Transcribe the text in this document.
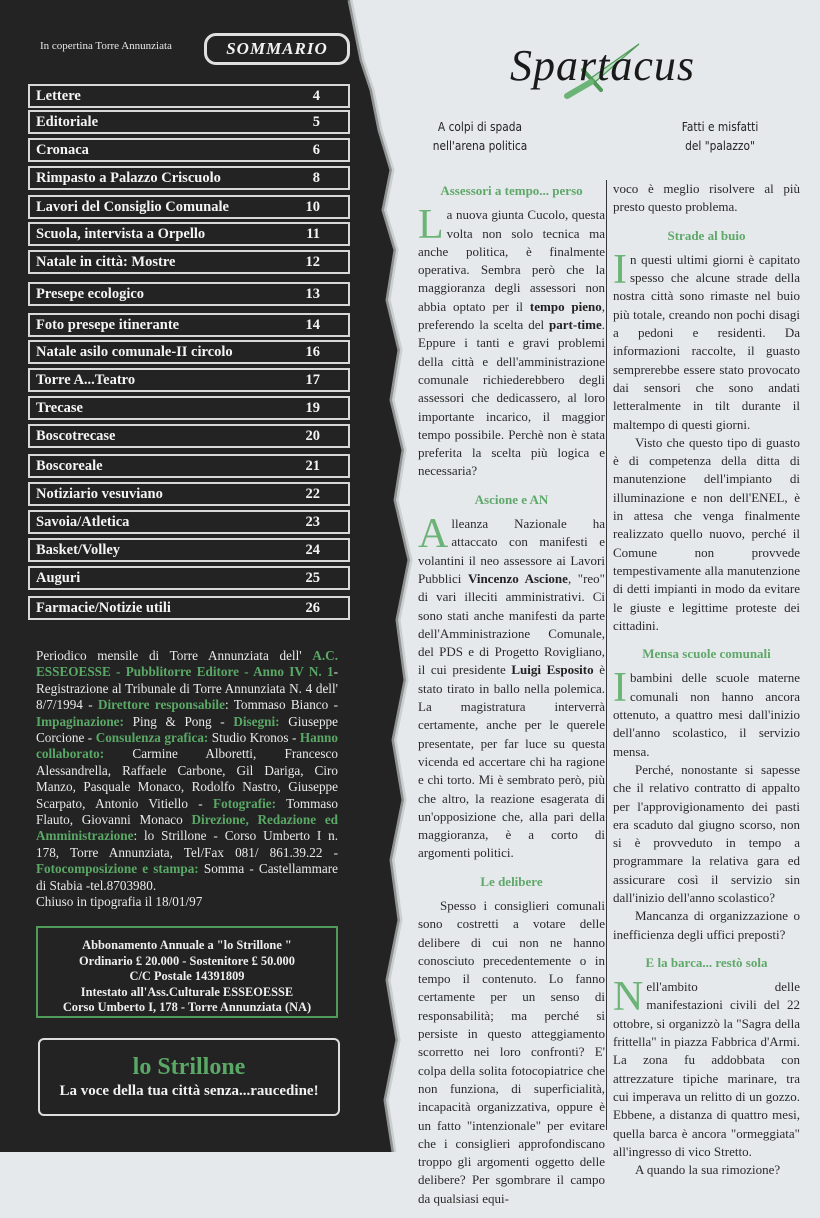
In copertina Torre Annunziata	SOMMARIO
Lettere	4
Editoriale	5
Cronaca	6
Rimpasto a Palazzo Criscuolo	8
Lavori del Consiglio Comunale	10
Scuola, intervista a Orpello	11
Natale in città: Mostre	12
Presepe ecologico	13
Foto presepe itinerante	14
Natale asilo comunale-II circolo	16
Torre A...Teatro	17
Trecase	19
Boscotrecase	20
Boscoreale	21
Notiziario vesuviano	22
Savoia/Atletica	23
Basket/Volley	24
Auguri	25
Farmacie/Notizie utili	26
Periodico mensile di Torre Annunziata dell' A.C. ESSEOESSE - Pubblitorre Editore - Anno IV N. 1- Registrazione al Tribunale di Torre Annunziata N. 4 dell' 8/7/1994 - Direttore responsabile: Tommaso Bianco - Impaginazione: Ping & Pong - Disegni: Giuseppe Corcione - Consulenza grafica: Studio Kronos - Hanno collaborato: Carmine Alboretti, Francesco Alessandrella, Raffaele Carbone, Gil Dariga, Ciro Manzo, Pasquale Monaco, Rodolfo Nastro, Giuseppe Scarpato, Antonio Vitiello - Fotografie: Tommaso Flauto, Giovanni Monaco Direzione, Redazione ed Amministrazione: lo Strillone - Corso Umberto I n. 178, Torre Annunziata, Tel/Fax 081/ 861.39.22 - Fotocomposizione e stampa: Somma - Castellammare di Stabia -tel.8703980.
Chiuso in tipografia il 18/01/97
Abbonamento Annuale a "lo Strillone "
Ordinario £ 20.000 - Sostenitore £ 50.000
C/C Postale 14391809
Intestato all'Ass.Culturale ESSEOESSE
Corso Umberto I, 178 - Torre Annunziata (NA)
lo Strillone
La voce della tua città senza...raucedine!
Spartacus
A colpi di spada
nell'arena politica
Fatti e misfatti
del "palazzo"
Assessori a tempo... perso

La nuova giunta Cucolo, questa volta non solo tecnica ma anche politica, è finalmente operativa. Sembra però che la maggioranza degli assessori non abbia optato per il tempo pieno, preferendo la scelta del part-time. Eppure i tanti e gravi problemi della città e dell'amministrazione comunale richiederebbero degli assessori che dedicassero, al loro importante incarico, il maggior tempo possibile. Perchè non è stata preferita la scelta più logica e necessaria?

Ascione e AN

Alleanza Nazionale ha attaccato con manifesti e volantini il neo assessore ai Lavori Pubblici Vincenzo Ascione, "reo" di vari illeciti amministrativi. Ci sono stati anche manifesti da parte dell'Amministrazione Comunale, del PDS e di Progetto Rovigliano, il cui presidente Luigi Esposito è stato tirato in ballo nella polemica. La magistratura interverrà certamente, anche per le querele presentate, per far luce su questa vicenda ed accertare chi ha ragione e chi torto. Mi è sembrato però, più che altro, la reazione esagerata di un'opposizione che, alla pari della maggioranza, è a corto di argomenti politici.

Le delibere

Spesso i consiglieri comunali sono costretti a votare delle delibere di cui non ne hanno conosciuto precedentemente o in tempo il contenuto. Lo fanno certamente per un senso di responsabilità; ma perché si persiste in questo atteggiamento scorretto nei loro confronti? E' colpa della solita fotocopiatrice che non funziona, di superficialità, incapacità organizzativa, oppure è un fatto "intenzionale" per evitare che i consiglieri approfondiscano troppo gli argomenti oggetto delle delibere? Per sgombrare il campo da qualsiasi equi-

voco è meglio risolvere al più presto questo problema.

Strade al buio

In questi ultimi giorni è capitato spesso che alcune strade della nostra città sono rimaste nel buio più totale, creando non pochi disagi a pedoni e residenti. Da informazioni raccolte, il guasto semprerebbe essere stato provocato dai sensori che sono andati letteralmente in tilt durante il maltempo di questi giorni.

Visto che questo tipo di guasto è di competenza della ditta di manutenzione dell'impianto di illuminazione e non dell'ENEL, è in attesa che venga finalmente realizzato quello nuovo, perché il Comune non provvede tempestivamente alla manutenzione di detti impianti in modo da evitare le giuste e legittime proteste dei cittadini.

Mensa scuole comunali

I bambini delle scuole materne comunali non hanno ancora ottenuto, a quattro mesi dall'inizio dell'anno scolastico, il servizio mensa.

Perché, nonostante si sapesse che il relativo contratto di appalto per l'approvigionamento dei pasti era scaduto dal giugno scorso, non si è provveduto in tempo a programmare la relativa gara ed assicurare così il servizio sin dall'inizio dell'anno scolastico?

Mancanza di organizzazione o inefficienza degli uffici preposti?

E la barca... restò sola

Nell'ambito delle manifestazioni civili del 22 ottobre, si organizzò la "Sagra della frittella" in piazza Fabbrica d'Armi. La zona fu addobbata con attrezzature tipiche marinare, tra cui imperava un relitto di un gozzo. Ebbene, a distanza di quattro mesi, quella barca è ancora "ormeggiata" all'ingresso di vico Stretto.

A quando la sua rimozione?
